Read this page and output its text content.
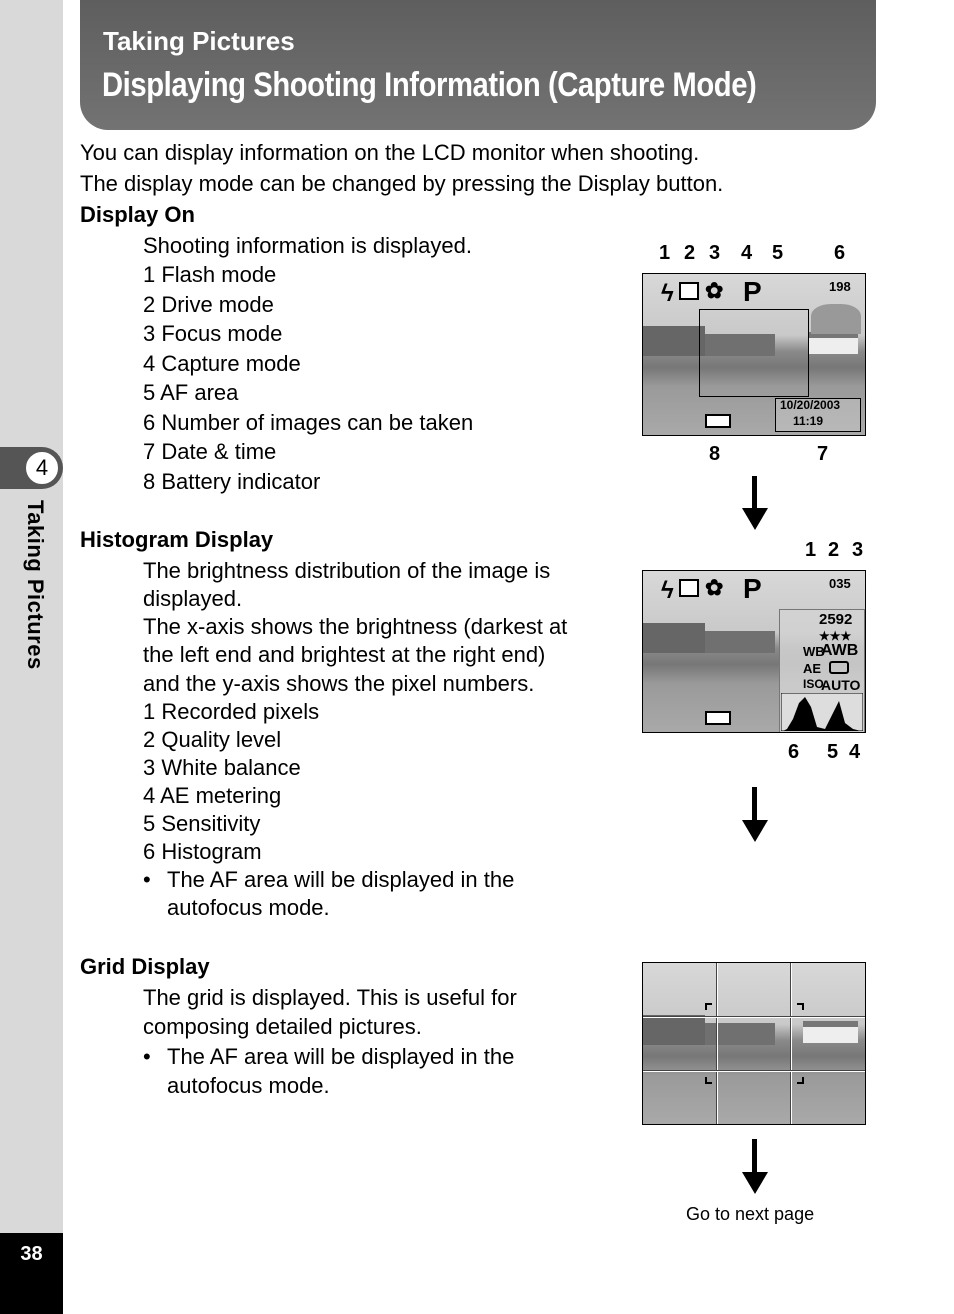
4
Taking Pictures
38
Taking Pictures
Displaying Shooting Information (Capture Mode)
You can display information on the LCD monitor when shooting.
The display mode can be changed by pressing the Display button.
Display On
Shooting information is displayed.
1 Flash mode
2 Drive mode
3 Focus mode
4 Capture mode
5 AF area
6 Number of images can be taken
7 Date & time
8 Battery indicator
1 2 3 4 5	6
ϟ ✿ P	198
10/20/2003
11:19
8	7
Histogram Display
The brightness distribution of the image is
displayed.
The x-axis shows the brightness (darkest at
the left end and brightest at the right end)
and the y-axis shows the pixel numbers.
1 Recorded pixels
2 Quality level
3 White balance
4 AE metering
5 Sensitivity
6 Histogram
• The AF area will be displayed in the
autofocus mode.
1 2 3
ϟ ✿ P	035
2592
★★★
WB
AWB
AE
ISO
AUTO
6 5 4
Grid Display
The grid is displayed. This is useful for
composing detailed pictures.
• The AF area will be displayed in the
autofocus mode.
Go to next page
